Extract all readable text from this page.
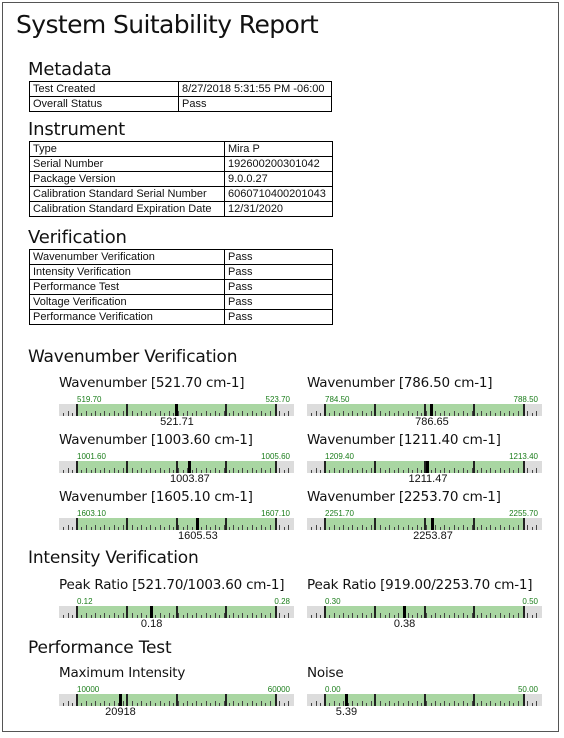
System Suitability Report
Metadata
Test Created	8/27/2018 5:31:55 PM -06:00
Overall Status	Pass
Instrument
Type	Mira P
Serial Number	192600200301042
Package Version	9.0.0.27
Calibration Standard Serial Number	6060710400201043
Calibration Standard Expiration Date	12/31/2020
Verification
Wavenumber Verification	Pass
Intensity Verification	Pass
Performance Test	Pass
Voltage Verification	Pass
Performance Verification	Pass
Wavenumber Verification
Intensity Verification
Performance Test
Wavenumber [521.70 cm-1]
519.70	523.70
521.71
Wavenumber [786.50 cm-1]
784.50	788.50
786.65
Wavenumber [1003.60 cm-1]
1001.60	1005.60
1003.87
Wavenumber [1211.40 cm-1]
1209.40	1213.40
1211.47
Wavenumber [1605.10 cm-1]
1603.10	1607.10
1605.53
Wavenumber [2253.70 cm-1]
2251.70	2255.70
2253.87
Peak Ratio [521.70/1003.60 cm-1]
0.12	0.28
0.18
Peak Ratio [919.00/2253.70 cm-1]
0.30	0.50
0.38
Maximum Intensity
10000	60000
20918
Noise
0.00	50.00
5.39
